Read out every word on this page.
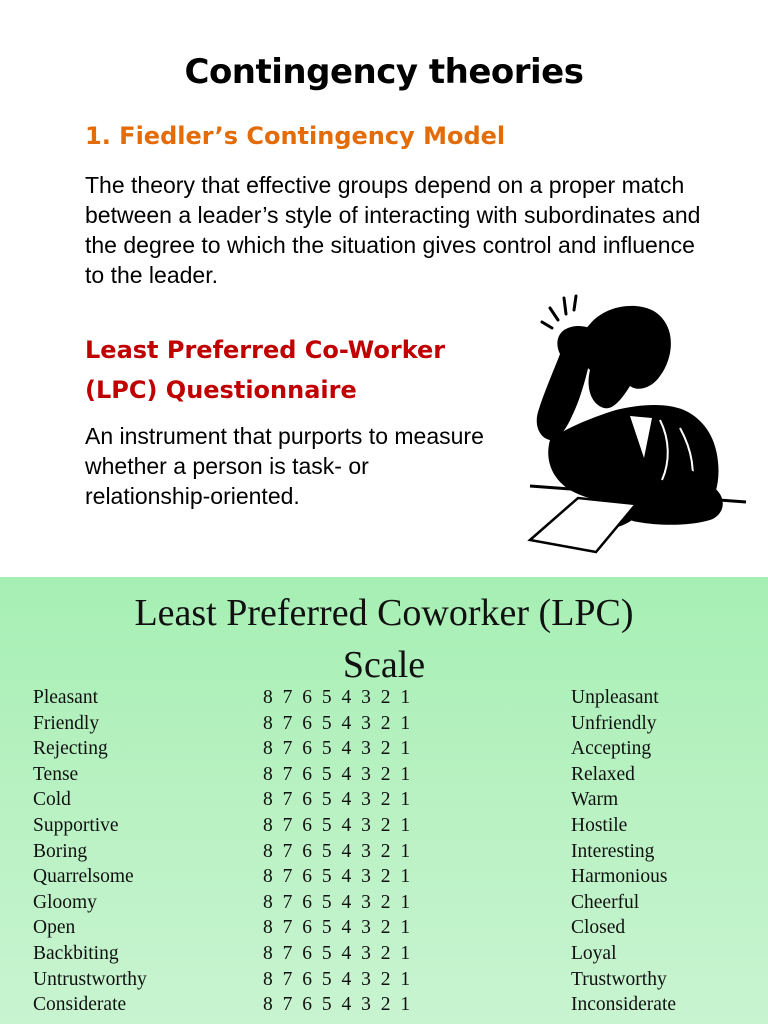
Contingency theories
1. Fiedler’s Contingency Model
The theory that effective groups depend on a proper match between a leader’s style of interacting with subordinates and the degree to which the situation gives control and influence to the leader.
Least Preferred Co-Worker
(LPC) Questionnaire
An instrument that purports to measure whether a person is task- or relationship-oriented.
Least Preferred Coworker (LPC)
Scale
Pleasant	8 7 6 5 4 3 2 1	Unpleasant
Friendly	8 7 6 5 4 3 2 1	Unfriendly
Rejecting	8 7 6 5 4 3 2 1	Accepting
Tense	8 7 6 5 4 3 2 1	Relaxed
Cold	8 7 6 5 4 3 2 1	Warm
Supportive	8 7 6 5 4 3 2 1	Hostile
Boring	8 7 6 5 4 3 2 1	Interesting
Quarrelsome	8 7 6 5 4 3 2 1	Harmonious
Gloomy	8 7 6 5 4 3 2 1	Cheerful
Open	8 7 6 5 4 3 2 1	Closed
Backbiting	8 7 6 5 4 3 2 1	Loyal
Untrustworthy	8 7 6 5 4 3 2 1	Trustworthy
Considerate	8 7 6 5 4 3 2 1	Inconsiderate
